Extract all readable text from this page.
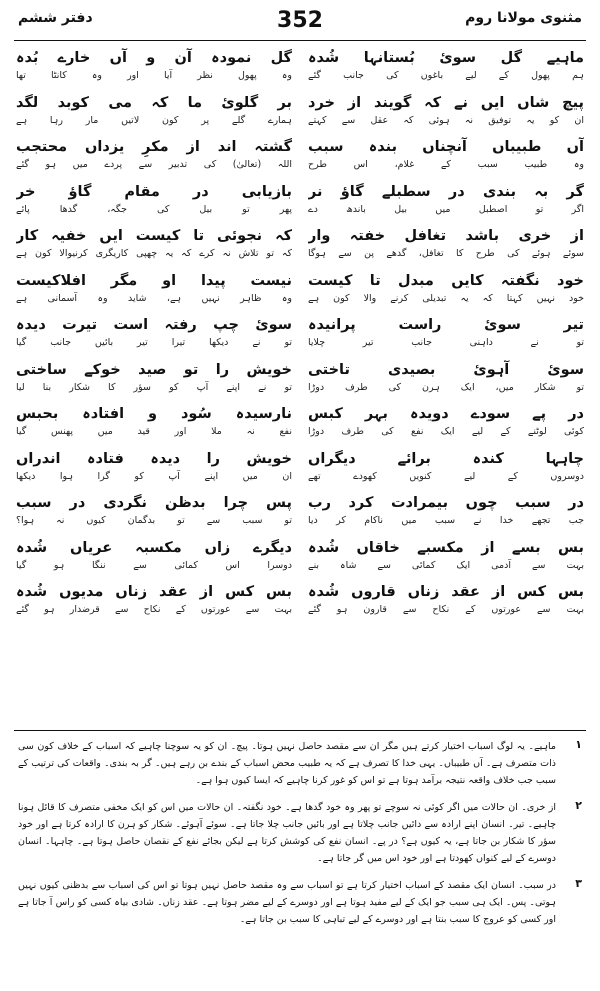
مثنوی مولانا روم
352
دفتر ششم
ماہیے گل سوئ بُستانہا شُدہ
ہم پھول کے لیے باغوں کی جانب گئے
پیچ شاں ایں نے کہ گویند از خرد
ان کو یہ توفیق نہ ہوئی کہ عقل سے کہتے
آں طبیباں آنچناں بندہ سبب
وہ طبیب سبب کے غلام، اس طرح
گر بہ بندی در سطبلے گاؤ نر
اگر تو اصطبل میں بیل باندھ دے
از خری باشد تغافل خفتہ وار
سوئے ہوئے کی طرح کا تغافل، گدھے پن سے ہوگا
خود نگفتہ کایں مبدل تا کیست
خود نہیں کہتا کہ یہ تبدیلی کرنے والا کون ہے
تیر سوئ راست پرانیدہ
تو نے داہنی جانب تیر چلایا
سوئ آہوئ بصیدی تاختی
تو شکار میں، ایک ہرن کی طرف دوڑا
در پے سودے دویدہ بہر کبس
کوئی لوٹنے کے لیے ایک نفع کی طرف دوڑا
چاہہا کندہ برائے دیگراں
دوسروں کے لیے کنویں کھودے تھے
در سبب چوں بیمرادت کرد رب
جب تجھے خدا نے سبب میں ناکام کر دیا
بس بسے از مکسبے خاقاں شُدہ
بہت سے آدمی ایک کمائی سے شاہ بنے
بس کس از عقد زناں قاروں شُدہ
بہت سے عورتوں کے نکاح سے قارون ہو گئے
گل نمودہ آن و آں خارے بُدہ
وہ پھول نظر آیا اور وہ کانٹا تھا
بر گلوئ ما کہ می کوبد لگد
ہمارے گلے پر کون لاتیں مار رہا ہے
گشتہ اند از مکرِ یزداں محتجب
اللہ (تعالیٰ) کی تدبیر سے پردے میں ہو گئے
بازیابی در مقام گاؤ خر
پھر تو بیل کی جگہ، گدھا پائے
کہ نجوئی تا کیست ایں خفیہ کار
کہ تو تلاش نہ کرے کہ یہ چھپی کاریگری کرنیوالا کون ہے
نیست پیدا او مگر افلاکیست
وہ ظاہر نہیں ہے، شاید وہ آسمانی ہے
سوئ چپ رفتہ است تیرت دیدہ
تو نے دیکھا تیرا تیر بائیں جانب گیا
خویش را تو صید خوکے ساختی
تو نے اپنے آپ کو سؤر کا شکار بنا لیا
نارسیدہ سُود و افتادہ بحبس
نفع نہ ملا اور قید میں پھنس گیا
خویش را دیدہ فتادہ اندراں
ان میں اپنے آپ کو گرا ہوا دیکھا
پس چرا بدظن نگردی در سبب
تو سبب سے تو بدگمان کیوں نہ ہوا؟
دیگرے زاں مکسبہ عریاں شُدہ
دوسرا اس کمائی سے ننگا ہو گیا
بس کس از عقد زناں مدیوں شُدہ
بہت سے عورتوں کے نکاح سے قرضدار ہو گئے
۱
ماہیے۔ یہ لوگ اسباب اختیار کرتے ہیں مگر ان سے مقصد حاصل نہیں ہوتا۔ پیچ۔ ان کو یہ سوچنا چاہیے کہ اسباب کے خلاف کون سی ذات متصرف ہے۔ آں طبیباں۔ یہی خدا کا تصرف ہے کہ یہ طبیب محض اسباب کے بندے بن رہے ہیں۔ گر بہ بندی۔ واقعات کی ترتیب کے سبب جب خلاف واقعہ نتیجہ برآمد ہوتا ہے تو اس کو غور کرنا چاہیے کہ ایسا کیوں ہوا ہے۔
۲
از خری۔ ان حالات میں اگر کوئی نہ سوچے تو پھر وہ خود گدھا ہے۔ خود نگفتہ۔ ان حالات میں اس کو ایک مخفی متصرف کا قائل ہونا چاہیے۔ تیر۔ انسان اپنے ارادہ سے دائیں جانب چلاتا ہے اور بائیں جانب چلا جاتا ہے۔ سوئے آہوئے۔ شکار کو ہرن کا ارادہ کرتا ہے اور خود سؤر کا شکار بن جاتا ہے، یہ کیوں ہے؟ در پے۔ انسان نفع کی کوشش کرتا ہے لیکن بجائے نفع کے نقصان حاصل ہوتا ہے۔ چاہہا۔ انسان دوسرے کے لیے کنواں کھودتا ہے اور خود اس میں گر جاتا ہے۔
۳
در سبب۔ انسان ایک مقصد کے اسباب اختیار کرتا ہے تو اسباب سے وہ مقصد حاصل نہیں ہوتا تو اس کی اسباب سے بدظنی کیوں نہیں ہوتی۔ پس۔ ایک ہی سبب جو ایک کے لیے مفید ہوتا ہے اور دوسرے کے لیے مضر ہوتا ہے۔ عقد زناں۔ شادی بیاہ کسی کو راس آ جاتا ہے اور کسی کو عروج کا سبب بنتا ہے اور دوسرے کے لیے تباہی کا سبب بن جاتا ہے۔
